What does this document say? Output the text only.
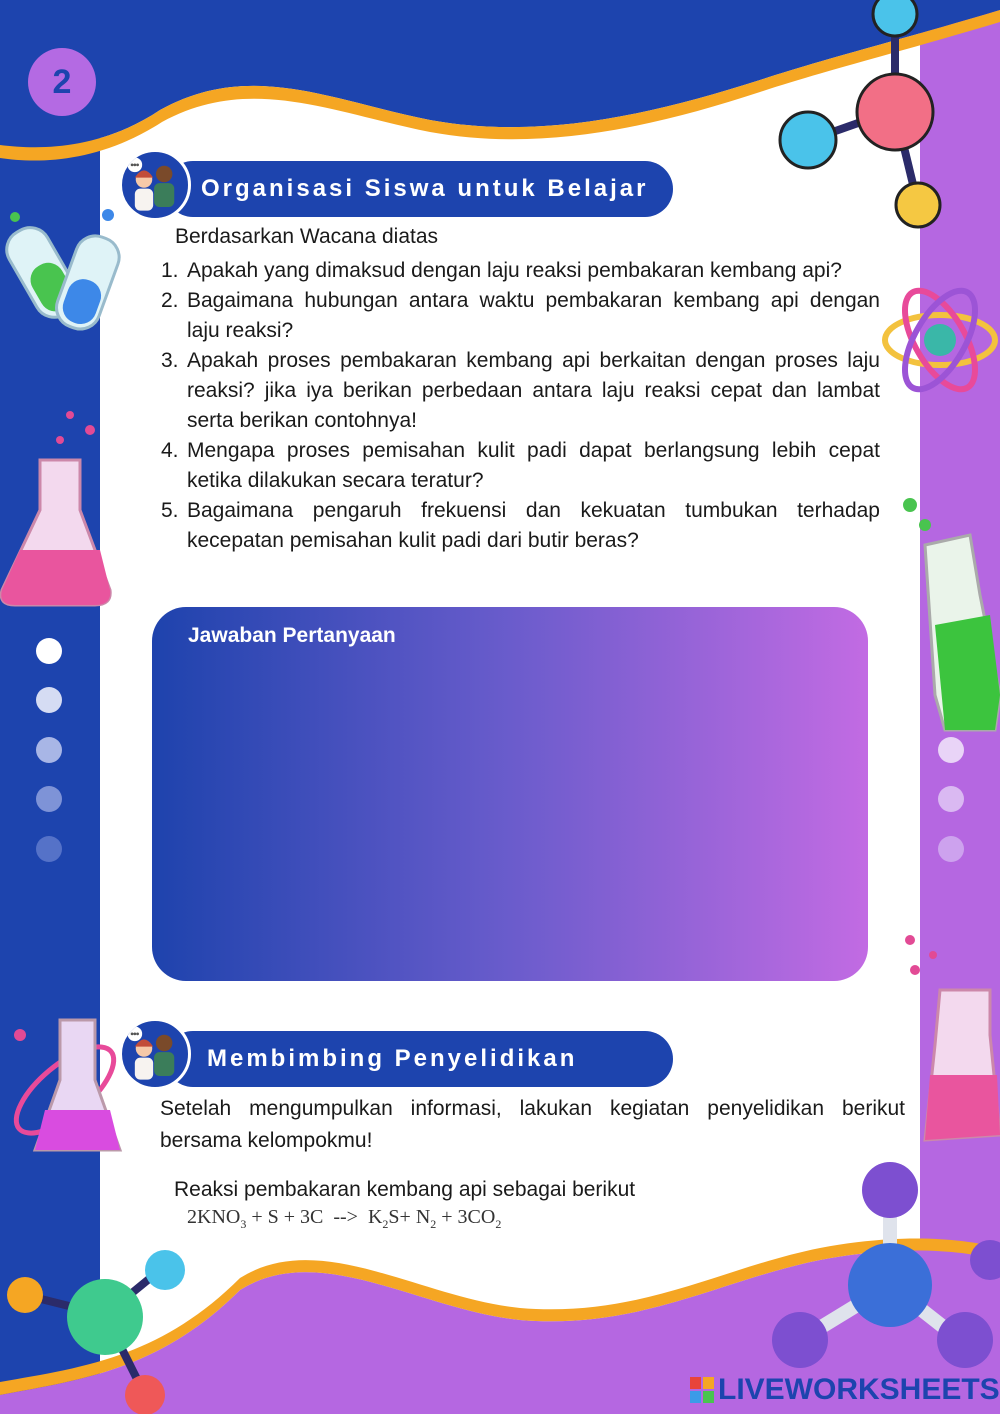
2
Organisasi Siswa untuk Belajar
Berdasarkan Wacana diatas
1. Apakah yang dimaksud dengan laju reaksi pembakaran kembang api?
2. Bagaimana hubungan antara waktu pembakaran kembang api dengan laju reaksi?
3. Apakah proses pembakaran kembang api berkaitan dengan proses laju reaksi? jika iya berikan perbedaan antara laju reaksi cepat dan lambat serta berikan contohnya!
4. Mengapa proses pemisahan kulit padi dapat berlangsung lebih cepat ketika dilakukan secara teratur?
5. Bagaimana pengaruh frekuensi dan kekuatan tumbukan terhadap kecepatan pemisahan kulit padi dari butir beras?
Jawaban Pertanyaan
Membimbing Penyelidikan
Setelah mengumpulkan informasi, lakukan kegiatan penyelidikan berikut bersama kelompokmu!
Reaksi pembakaran kembang api sebagai berikut
$2KNO_3 + S + 3C$  -->  $K_2S+ N_2 + 3CO_2$
LIVEWORKSHEETS
